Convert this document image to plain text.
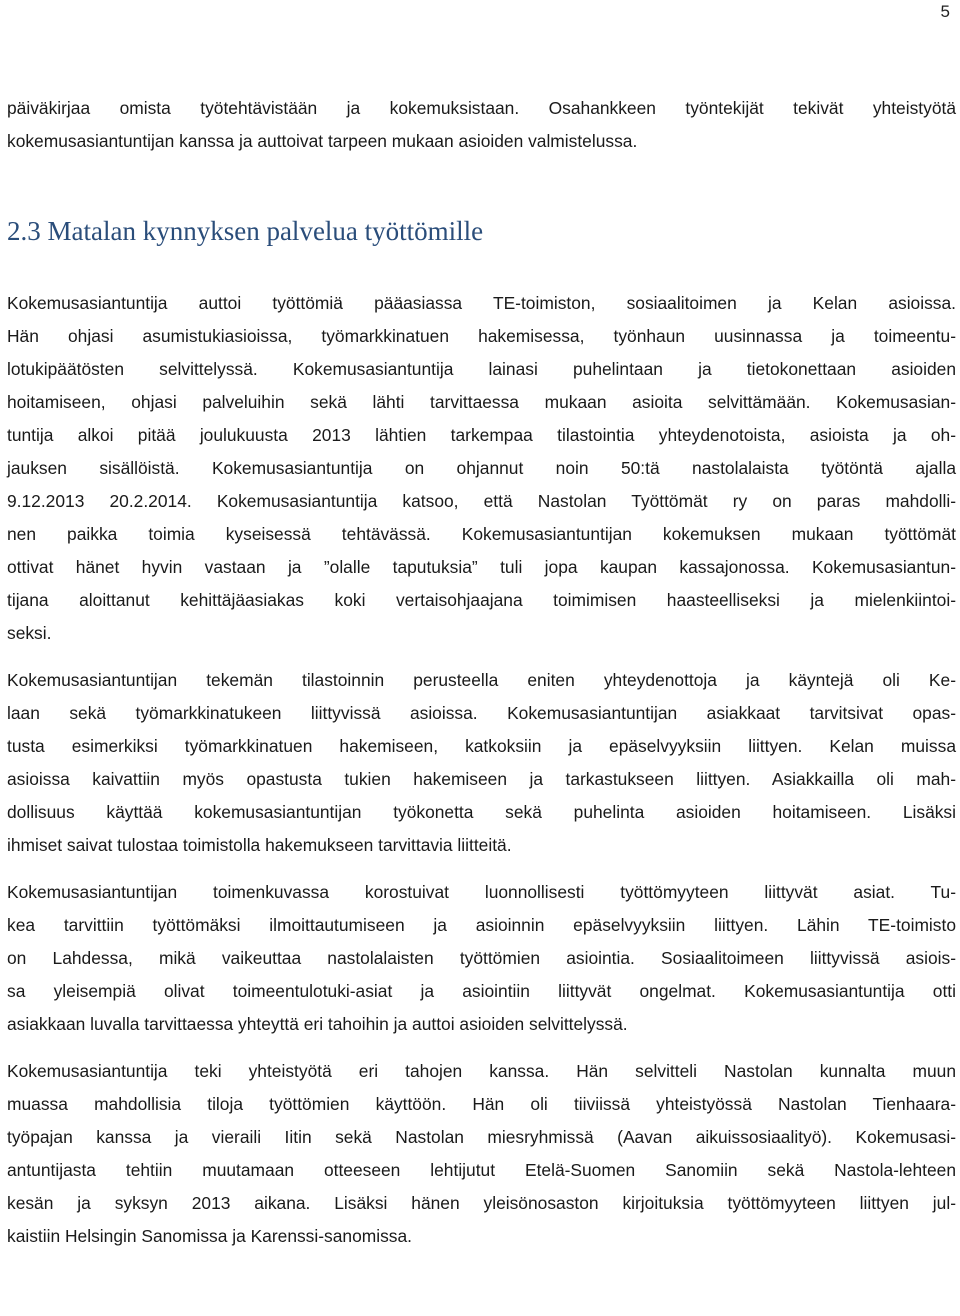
5
päiväkirjaa omista työtehtävistään ja kokemuksistaan. Osahankkeen työntekijät tekivät yhteistyötä
kokemusasiantuntijan kanssa ja auttoivat tarpeen mukaan asioiden valmistelussa.
2.3 Matalan kynnyksen palvelua työttömille
Kokemusasiantuntija auttoi työttömiä pääasiassa TE-toimiston, sosiaalitoimen ja Kelan asioissa.
Hän ohjasi asumistukiasioissa, työmarkkinatuen hakemisessa, työnhaun uusinnassa ja toimeentu-
lotukipäätösten selvittelyssä. Kokemusasiantuntija lainasi puhelintaan ja tietokonettaan asioiden
hoitamiseen, ohjasi palveluihin sekä lähti tarvittaessa mukaan asioita selvittämään. Kokemusasian-
tuntija alkoi pitää joulukuusta 2013 lähtien tarkempaa tilastointia yhteydenotoista, asioista ja oh-
jauksen sisällöistä. Kokemusasiantuntija on ohjannut noin 50:tä nastolalaista työtöntä ajalla
9.12.2013 20.2.2014. Kokemusasiantuntija katsoo, että Nastolan Työttömät ry on paras mahdolli-
nen paikka toimia kyseisessä tehtävässä. Kokemusasiantuntijan kokemuksen mukaan työttömät
ottivat hänet hyvin vastaan ja ”olalle taputuksia” tuli jopa kaupan kassajonossa. Kokemusasiantun-
tijana aloittanut kehittäjäasiakas koki vertaisohjaajana toimimisen haasteelliseksi ja mielenkiintoi-
seksi.
Kokemusasiantuntijan tekemän tilastoinnin perusteella eniten yhteydenottoja ja käyntejä oli Ke-
laan sekä työmarkkinatukeen liittyvissä asioissa. Kokemusasiantuntijan asiakkaat tarvitsivat opas-
tusta esimerkiksi työmarkkinatuen hakemiseen, katkoksiin ja epäselvyyksiin liittyen. Kelan muissa
asioissa kaivattiin myös opastusta tukien hakemiseen ja tarkastukseen liittyen. Asiakkailla oli mah-
dollisuus käyttää kokemusasiantuntijan työkonetta sekä puhelinta asioiden hoitamiseen. Lisäksi
ihmiset saivat tulostaa toimistolla hakemukseen tarvittavia liitteitä.
Kokemusasiantuntijan toimenkuvassa korostuivat luonnollisesti työttömyyteen liittyvät asiat. Tu-
kea tarvittiin työttömäksi ilmoittautumiseen ja asioinnin epäselvyyksiin liittyen. Lähin TE-toimisto
on Lahdessa, mikä vaikeuttaa nastolalaisten työttömien asiointia. Sosiaalitoimeen liittyvissä asiois-
sa yleisempiä olivat toimeentulotuki-asiat ja asiointiin liittyvät ongelmat. Kokemusasiantuntija otti
asiakkaan luvalla tarvittaessa yhteyttä eri tahoihin ja auttoi asioiden selvittelyssä.
Kokemusasiantuntija teki yhteistyötä eri tahojen kanssa. Hän selvitteli Nastolan kunnalta muun
muassa mahdollisia tiloja työttömien käyttöön. Hän oli tiiviissä yhteistyössä Nastolan Tienhaara-
työpajan kanssa ja vieraili Iitin sekä Nastolan miesryhmissä (Aavan aikuissosiaalityö). Kokemusasi-
antuntijasta tehtiin muutamaan otteeseen lehtijutut Etelä-Suomen Sanomiin sekä Nastola-lehteen
kesän ja syksyn 2013 aikana. Lisäksi hänen yleisönosaston kirjoituksia työttömyyteen liittyen jul-
kaistiin Helsingin Sanomissa ja Karenssi-sanomissa.
